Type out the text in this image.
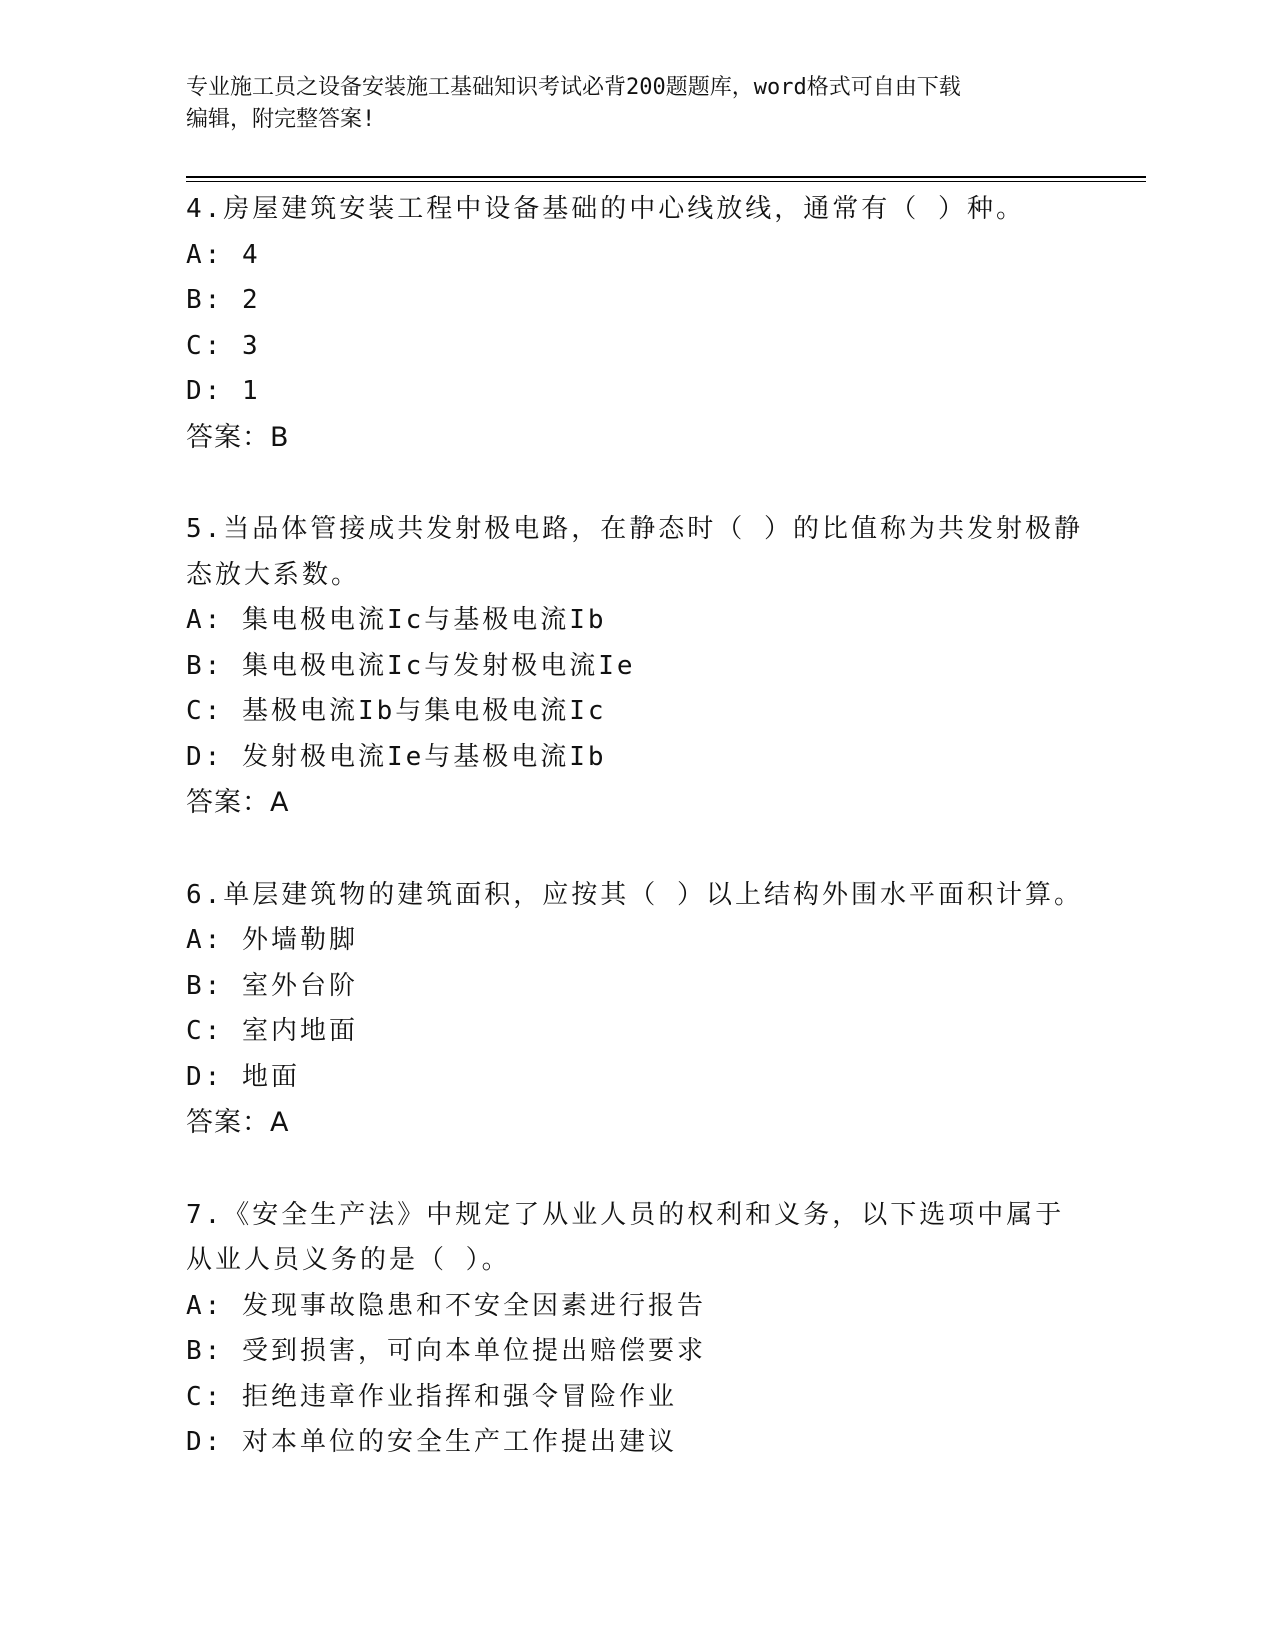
专业施工员之设备安装施工基础知识考试必背200题题库，word格式可自由下载
编辑，附完整答案!
4.房屋建筑安装工程中设备基础的中心线放线，通常有（ ）种。
A: 4
B: 2
C: 3
D: 1
答案：B
5.当品体管接成共发射极电路，在静态时（ ）的比值称为共发射极静
态放大系数。
A: 集电极电流Ic与基极电流Ib
B: 集电极电流Ic与发射极电流Ie
C: 基极电流Ib与集电极电流Ic
D: 发射极电流Ie与基极电流Ib
答案：A
6.单层建筑物的建筑面积，应按其（ ）以上结构外围水平面积计算。
A: 外墙勒脚
B: 室外台阶
C: 室内地面
D: 地面
答案：A
7.《安全生产法》中规定了从业人员的权利和义务，以下选项中属于
从业人员义务的是（ ）。
A: 发现事故隐患和不安全因素进行报告
B: 受到损害，可向本单位提出赔偿要求
C: 拒绝违章作业指挥和强令冒险作业
D: 对本单位的安全生产工作提出建议
